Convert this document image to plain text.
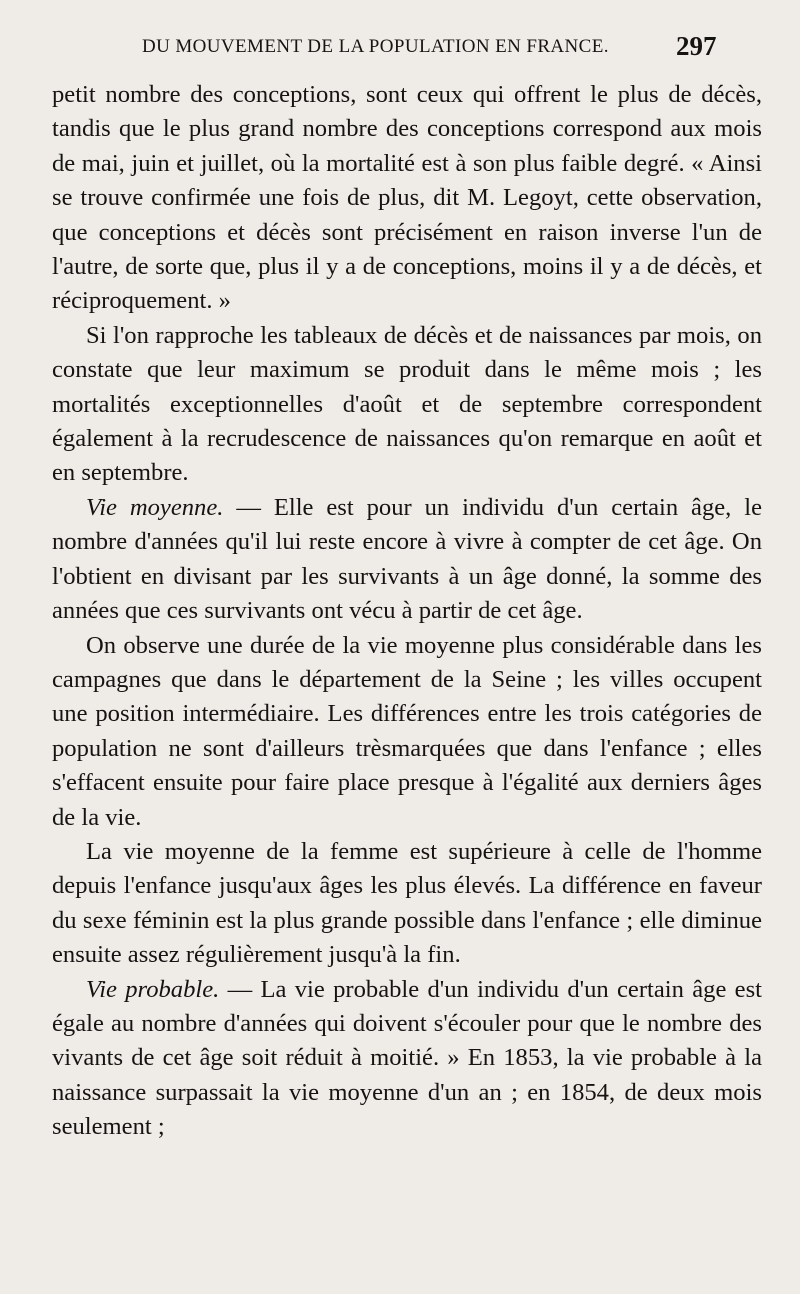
DU MOUVEMENT DE LA POPULATION EN FRANCE. 297

petit nombre des conceptions, sont ceux qui offrent le plus de décès, tandis que le plus grand nombre des conceptions correspond aux mois de mai, juin et juillet, où la mortalité est à son plus faible degré. « Ainsi se trouve confirmée une fois de plus, dit M. Legoyt, cette observation, que conceptions et décès sont précisément en raison inverse l'un de l'autre, de sorte que, plus il y a de conceptions, moins il y a de décès, et réciproquement. »

Si l'on rapproche les tableaux de décès et de naissances par mois, on constate que leur maximum se produit dans le même mois ; les mortalités exceptionnelles d'août et de septembre correspondent également à la recrudescence de naissances qu'on remarque en août et en septembre.

Vie moyenne. — Elle est pour un individu d'un certain âge, le nombre d'années qu'il lui reste encore à vivre à compter de cet âge. On l'obtient en divisant par les survivants à un âge donné, la somme des années que ces survivants ont vécu à partir de cet âge.

On observe une durée de la vie moyenne plus considérable dans les campagnes que dans le département de la Seine ; les villes occupent une position intermédiaire. Les différences entre les trois catégories de population ne sont d'ailleurs trèsmarquées que dans l'enfance ; elles s'effacent ensuite pour faire place presque à l'égalité aux derniers âges de la vie.

La vie moyenne de la femme est supérieure à celle de l'homme depuis l'enfance jusqu'aux âges les plus élevés. La différence en faveur du sexe féminin est la plus grande possible dans l'enfance ; elle diminue ensuite assez régulièrement jusqu'à la fin.

Vie probable. — La vie probable d'un individu d'un certain âge est égale au nombre d'années qui doivent s'écouler pour que le nombre des vivants de cet âge soit réduit à moitié. » En 1853, la vie probable à la naissance surpassait la vie moyenne d'un an ; en 1854, de deux mois seulement ;
